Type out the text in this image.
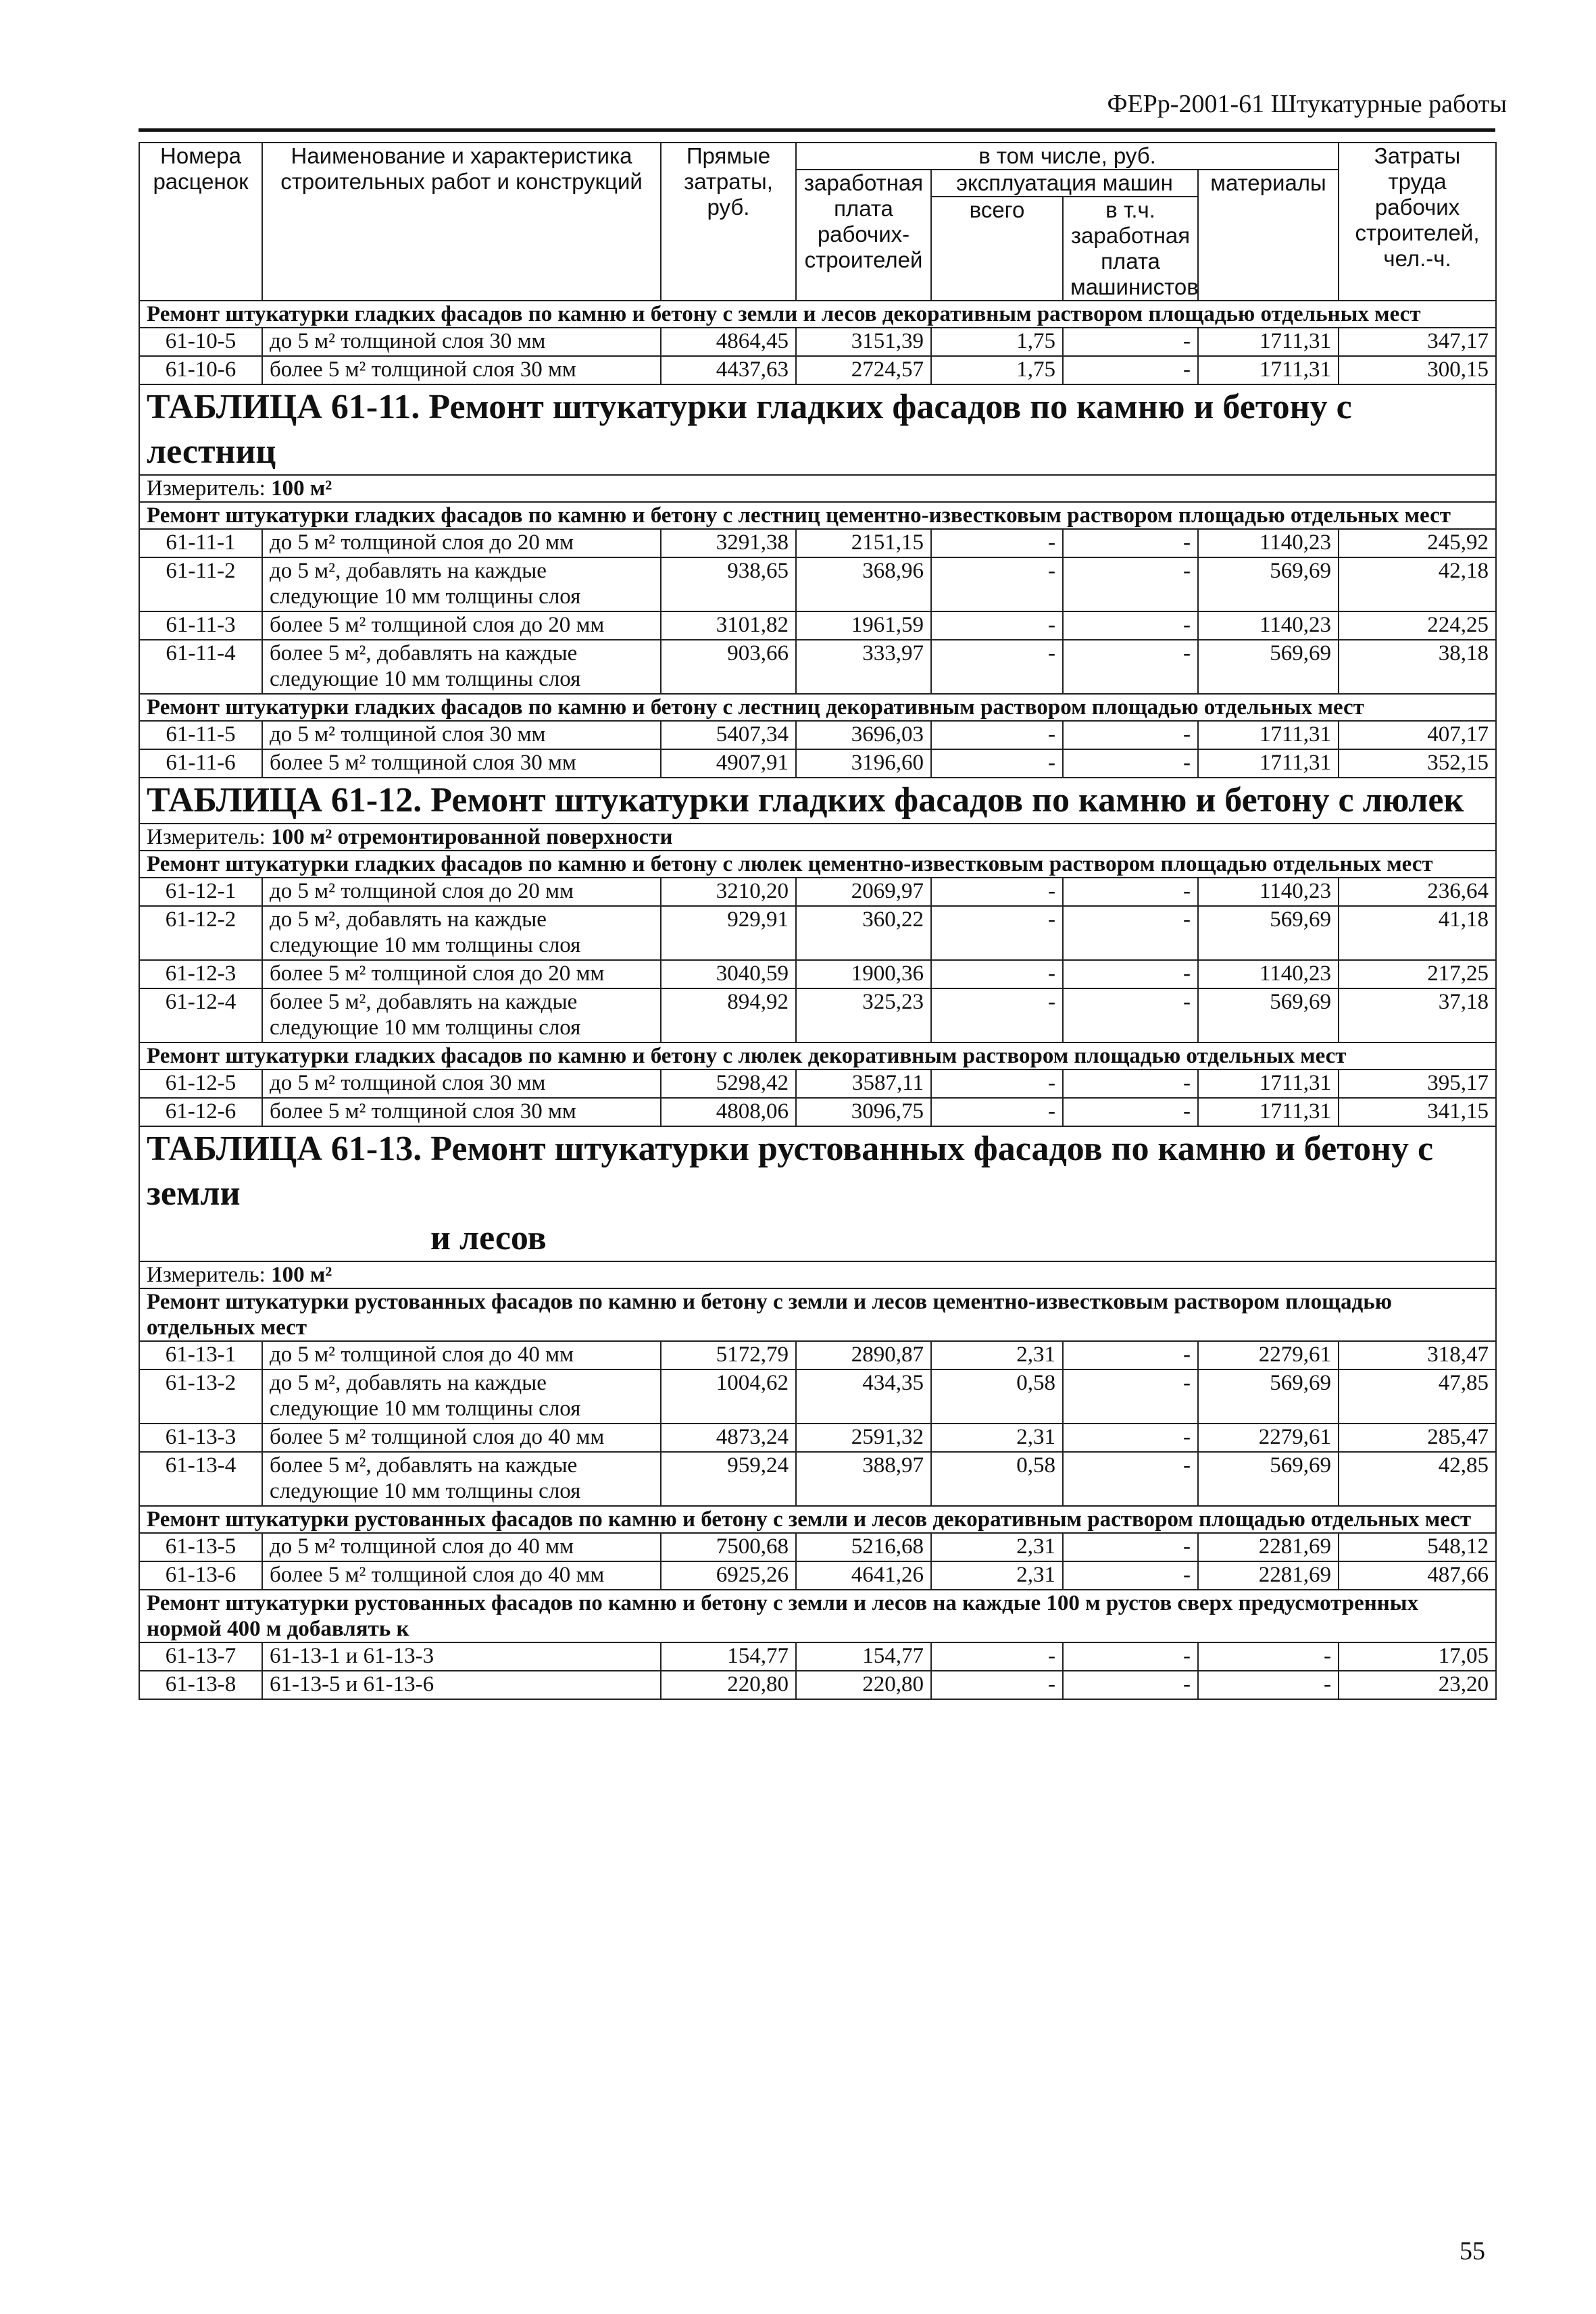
ФЕРр-2001-61 Штукатурные работы
Номера расценок	Наименование и характеристика строительных работ и конструкций	Прямые затраты, руб.	в том числе, руб.				Затраты труда рабочих строителей, чел.-ч.
			заработная плата рабочих-строителей	эксплуатация машин		материалы	
				всего	в т.ч. заработная плата машинистов		
Ремонт штукатурки гладких фасадов по камню и бетону с земли и лесов декоративным раствором площадью отдельных мест							
61-10-5	до 5 м² толщиной слоя 30 мм	4864,45	3151,39	1,75	-	1711,31	347,17
61-10-6	более 5 м² толщиной слоя 30 мм	4437,63	2724,57	1,75	-	1711,31	300,15

ТАБЛИЦА 61-11. Ремонт штукатурки гладких фасадов по камню и бетону с лестниц							

Измеритель: 100 м²							
Ремонт штукатурки гладких фасадов по камню и бетону с лестниц цементно-известковым раствором площадью отдельных мест							
61-11-1	до 5 м² толщиной слоя до 20 мм	3291,38	2151,15	-	-	1140,23	245,92
61-11-2	до 5 м², добавлять на каждые следующие 10 мм толщины слоя	938,65	368,96	-	-	569,69	42,18
61-11-3	более 5 м² толщиной слоя до 20 мм	3101,82	1961,59	-	-	1140,23	224,25
61-11-4	более 5 м², добавлять на каждые следующие 10 мм толщины слоя	903,66	333,97	-	-	569,69	38,18
Ремонт штукатурки гладких фасадов по камню и бетону с лестниц декоративным раствором площадью отдельных мест							
61-11-5	до 5 м² толщиной слоя 30 мм	5407,34	3696,03	-	-	1711,31	407,17
61-11-6	более 5 м² толщиной слоя 30 мм	4907,91	3196,60	-	-	1711,31	352,15

ТАБЛИЦА 61-12. Ремонт штукатурки гладких фасадов по камню и бетону с люлек							

Измеритель: 100 м² отремонтированной поверхности							
Ремонт штукатурки гладких фасадов по камню и бетону с люлек цементно-известковым раствором площадью отдельных мест							
61-12-1	до 5 м² толщиной слоя до 20 мм	3210,20	2069,97	-	-	1140,23	236,64
61-12-2	до 5 м², добавлять на каждые следующие 10 мм толщины слоя	929,91	360,22	-	-	569,69	41,18
61-12-3	более 5 м² толщиной слоя до 20 мм	3040,59	1900,36	-	-	1140,23	217,25
61-12-4	более 5 м², добавлять на каждые следующие 10 мм толщины слоя	894,92	325,23	-	-	569,69	37,18
Ремонт штукатурки гладких фасадов по камню и бетону с люлек декоративным раствором площадью отдельных мест							
61-12-5	до 5 м² толщиной слоя 30 мм	5298,42	3587,11	-	-	1711,31	395,17
61-12-6	более 5 м² толщиной слоя 30 мм	4808,06	3096,75	-	-	1711,31	341,15

ТАБЛИЦА 61-13. Ремонт штукатурки рустованных фасадов по камню и бетону с земли
и лесов							

Измеритель: 100 м²							
Ремонт штукатурки рустованных фасадов по камню и бетону с земли и лесов цементно-известковым раствором площадью отдельных мест							
61-13-1	до 5 м² толщиной слоя до 40 мм	5172,79	2890,87	2,31	-	2279,61	318,47
61-13-2	до 5 м², добавлять на каждые следующие 10 мм толщины слоя	1004,62	434,35	0,58	-	569,69	47,85
61-13-3	более 5 м² толщиной слоя до 40 мм	4873,24	2591,32	2,31	-	2279,61	285,47
61-13-4	более 5 м², добавлять на каждые следующие 10 мм толщины слоя	959,24	388,97	0,58	-	569,69	42,85
Ремонт штукатурки рустованных фасадов по камню и бетону с земли и лесов декоративным раствором площадью отдельных мест							
61-13-5	до 5 м² толщиной слоя до 40 мм	7500,68	5216,68	2,31	-	2281,69	548,12
61-13-6	более 5 м² толщиной слоя до 40 мм	6925,26	4641,26	2,31	-	2281,69	487,66
Ремонт штукатурки рустованных фасадов по камню и бетону с земли и лесов на каждые 100 м рустов сверх предусмотренных нормой 400 м добавлять к							
61-13-7	61-13-1 и 61-13-3	154,77	154,77	-	-	-	17,05
61-13-8	61-13-5 и 61-13-6	220,80	220,80	-	-	-	23,20
55
